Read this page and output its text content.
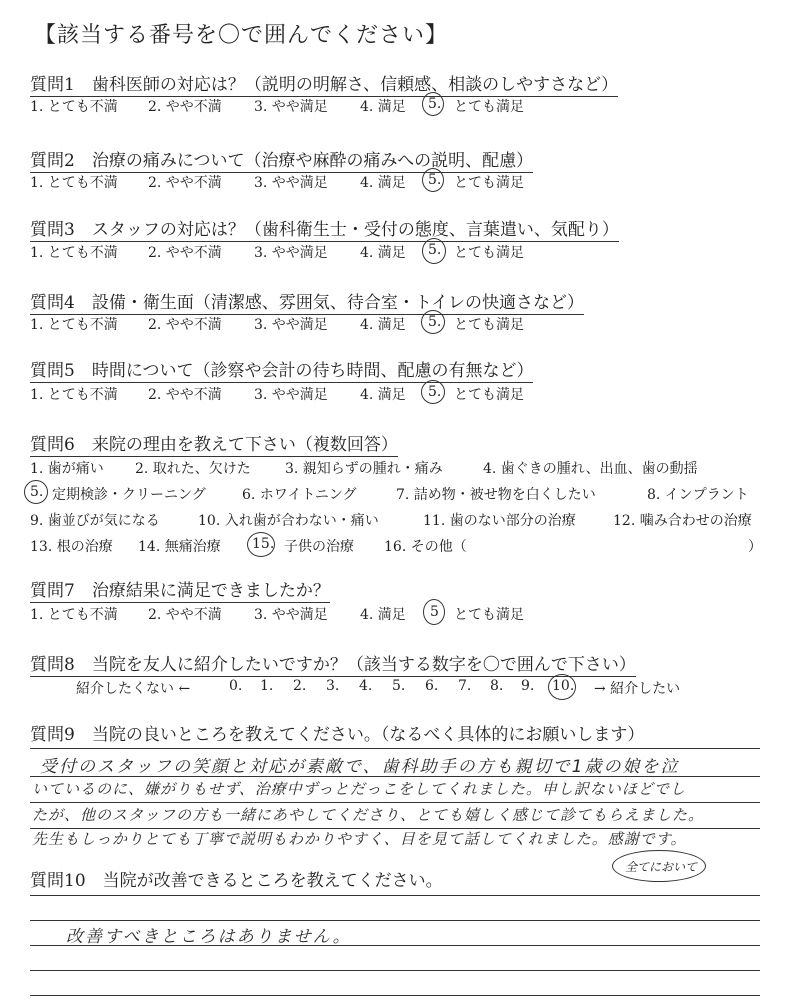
【該当する番号を〇で囲んでください】
質問1　歯科医師の対応は？（説明の明解さ、信頼感、相談のしやすさなど）
1. とても不満 2. やや不満 3. やや満足 4. 満足 5. とても満足
質問2　治療の痛みについて（治療や麻酔の痛みへの説明、配慮）
1. とても不満 2. やや不満 3. やや満足 4. 満足 5. とても満足
質問3　スタッフの対応は？（歯科衛生士・受付の態度、言葉遣い、気配り）
1. とても不満 2. やや不満 3. やや満足 4. 満足 5. とても満足
質問4　設備・衛生面（清潔感、雰囲気、待合室・トイレの快適さなど）
1. とても不満 2. やや不満 3. やや満足 4. 満足 5. とても満足
質問5　時間について（診察や会計の待ち時間、配慮の有無など）
1. とても不満 2. やや不満 3. やや満足 4. 満足 5. とても満足
質問6　来院の理由を教えて下さい（複数回答）
1. 歯が痛い 2. 取れた、欠けた 3. 親知らずの腫れ・痛み	4. 歯ぐきの腫れ、出血、歯の動揺
5. 定期検診・クリーニング	6. ホワイトニング	7. 詰め物・被せ物を白くしたい	8. インプラント
9. 歯並びが気になる	10. 入れ歯が合わない・痛い	11. 歯のない部分の治療	12. 噛み合わせの治療
13. 根の治療 14. 無痛治療 15. 子供の治療 16. その他（	）
質問7　治療結果に満足できましたか？
1. とても不満 2. やや不満 3. やや満足 4. 満足 5 とても満足
質問8　当院を友人に紹介したいですか？（該当する数字を〇で囲んで下さい）
紹介したくない ←	0. 1. 2. 3. 4. 5. 6. 7. 8. 9. 10. → 紹介したい
質問9　当院の良いところを教えてください。（なるべく具体的にお願いします）
受付のスタッフの笑顔と対応が素敵で、歯科助手の方も親切で1歳の娘を泣
いているのに、嫌がりもせず、治療中ずっとだっこをしてくれました。申し訳ないほどでし
たが、他のスタッフの方も一緒にあやしてくださり、とても嬉しく感じて診てもらえました。
先生もしっかりとても丁寧で説明もわかりやすく、目を見て話してくれました。感謝です。
全てにおいて
質問10　当院が改善できるところを教えてください。
改善すべきところはありません。
